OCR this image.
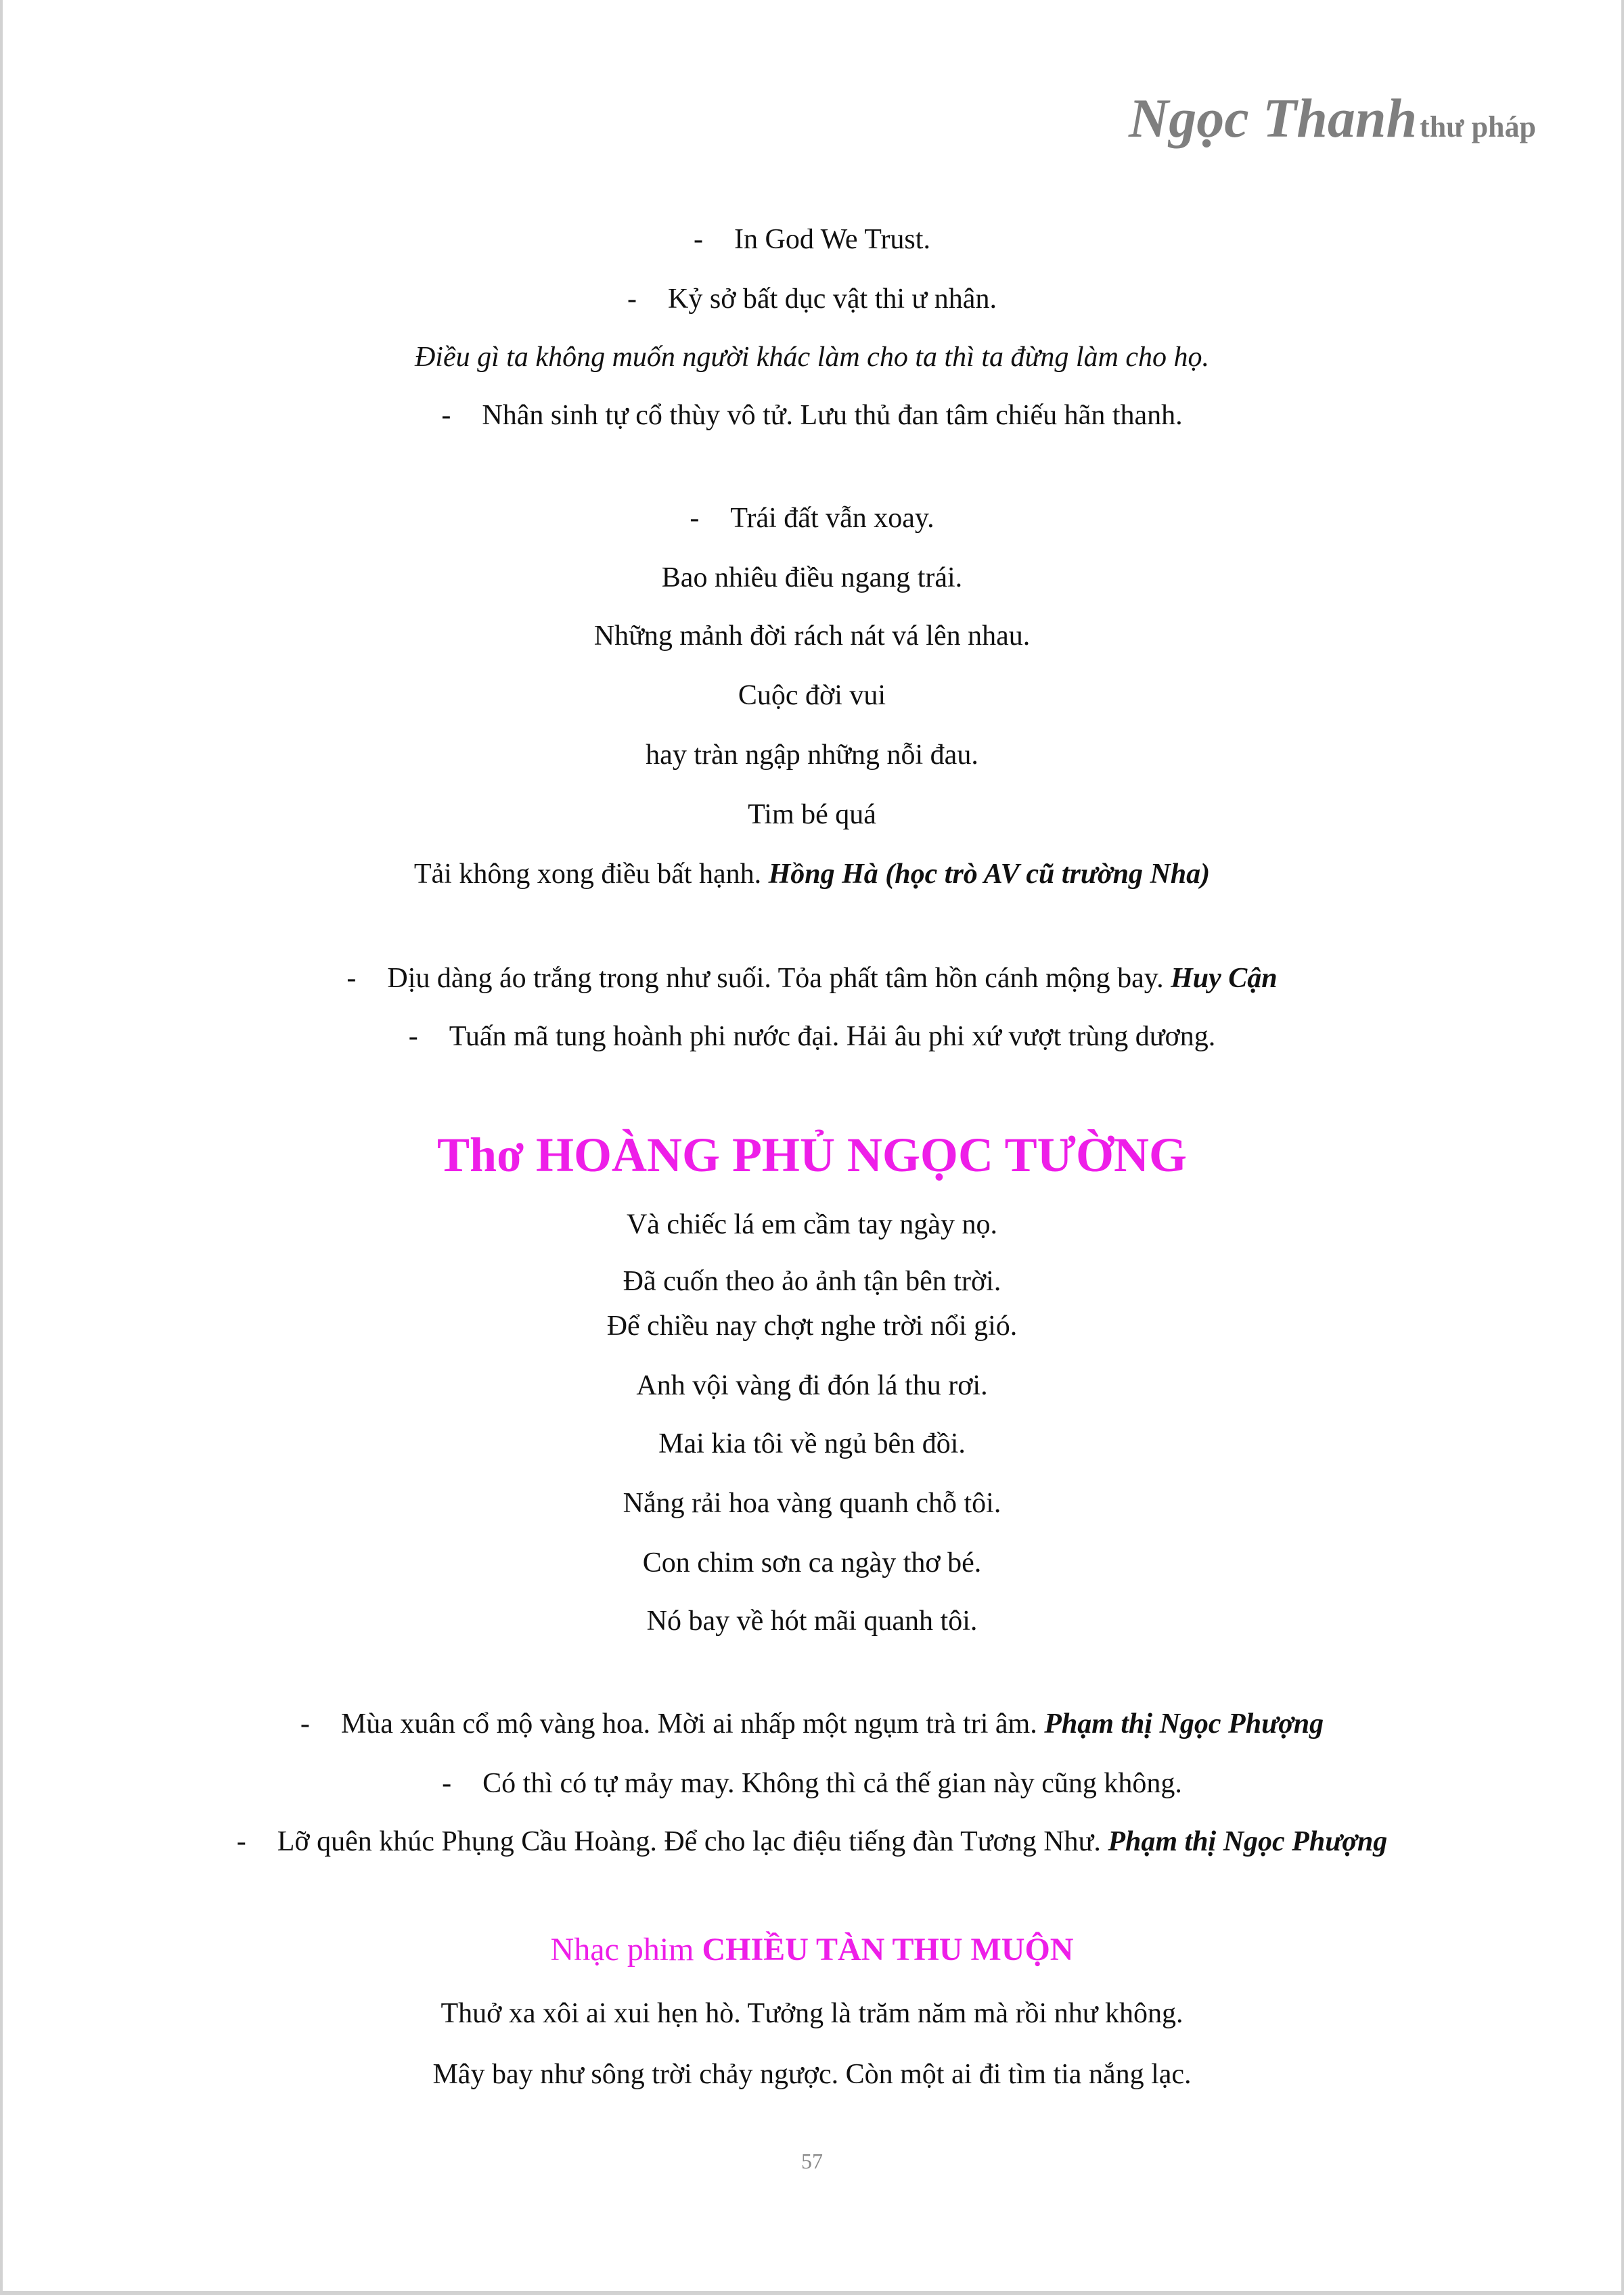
Ngọc Thanh thư pháp
- In God We Trust.
- Kỷ sở bất dục vật thi ư nhân.
Điều gì ta không muốn người khác làm cho ta thì ta đừng làm cho họ.
- Nhân sinh tự cổ thùy vô tử. Lưu thủ đan tâm chiếu hãn thanh.
- Trái đất vẫn xoay.
Bao nhiêu điều ngang trái.
Những mảnh đời rách nát vá lên nhau.
Cuộc đời vui
hay tràn ngập những nỗi đau.
Tim bé quá
Tải không xong điều bất hạnh. Hồng Hà (học trò AV cũ trường Nha)
- Dịu dàng áo trắng trong như suối. Tỏa phất tâm hồn cánh mộng bay. Huy Cận
- Tuấn mã tung hoành phi nước đại. Hải âu phi xứ vượt trùng dương.
Thơ HOÀNG PHỦ NGỌC TƯỜNG
Và chiếc lá em cầm tay ngày nọ.
Đã cuốn theo ảo ảnh tận bên trời.
Để chiều nay chợt nghe trời nổi gió.
Anh vội vàng đi đón lá thu rơi.
Mai kia tôi về ngủ bên đồi.
Nắng rải hoa vàng quanh chỗ tôi.
Con chim sơn ca ngày thơ bé.
Nó bay về hót mãi quanh tôi.
- Mùa xuân cổ mộ vàng hoa. Mời ai nhấp một ngụm trà tri âm. Phạm thị Ngọc Phượng
- Có thì có tự mảy may. Không thì cả thế gian này cũng không.
- Lỡ quên khúc Phụng Cầu Hoàng. Để cho lạc điệu tiếng đàn Tương Như. Phạm thị Ngọc Phượng
Nhạc phim CHIỀU TÀN THU MUỘN
Thuở xa xôi ai xui hẹn hò. Tưởng là trăm năm mà rồi như không.
Mây bay như sông trời chảy ngược. Còn một ai đi tìm tia nắng lạc.
57
